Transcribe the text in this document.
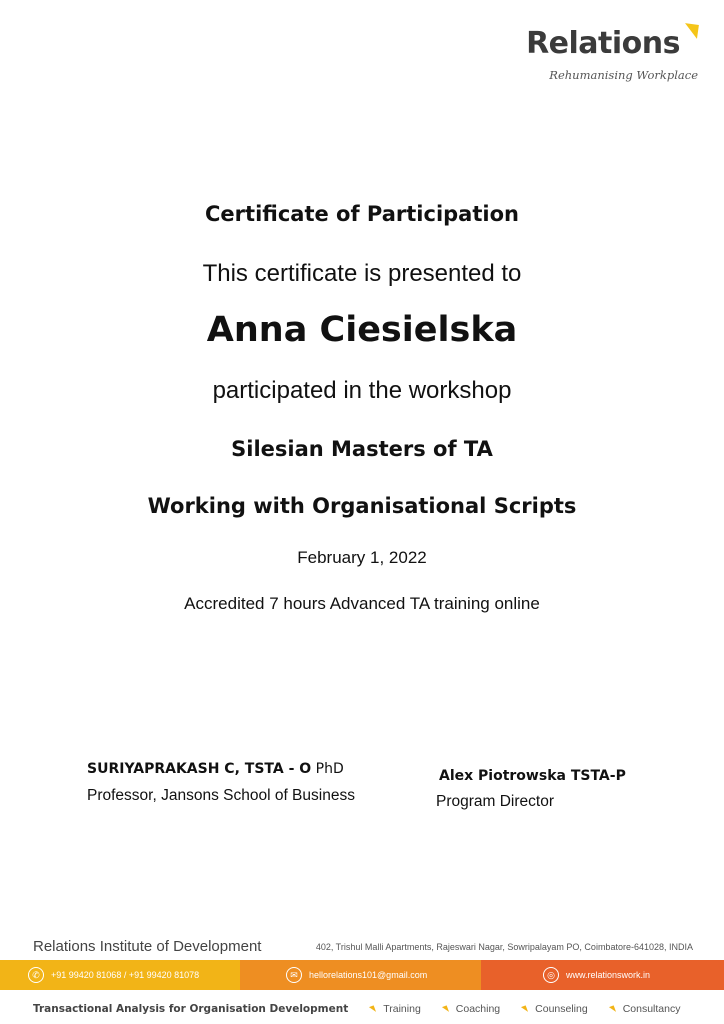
Relations
Rehumanising Workplace
Certificate of Participation
This certificate is presented to
Anna Ciesielska
participated in the workshop
Silesian Masters of TA
Working with Organisational Scripts
February 1, 2022
Accredited 7 hours Advanced TA training online
SURIYAPRAKASH C, TSTA - O PhD
Professor, Jansons School of Business
Alex Piotrowska TSTA-P
Program Director
Relations Institute of Development	402, Trishul Malli Apartments, Rajeswari Nagar, Sowripalayam PO, Coimbatore-641028, INDIA
✆	+91 99420 81068 / +91 99420 81078	✉	hellorelations101@gmail.com	◎	www.relationswork.in
Transactional Analysis for Organisation Development	Training	Coaching	Counseling	Consultancy
